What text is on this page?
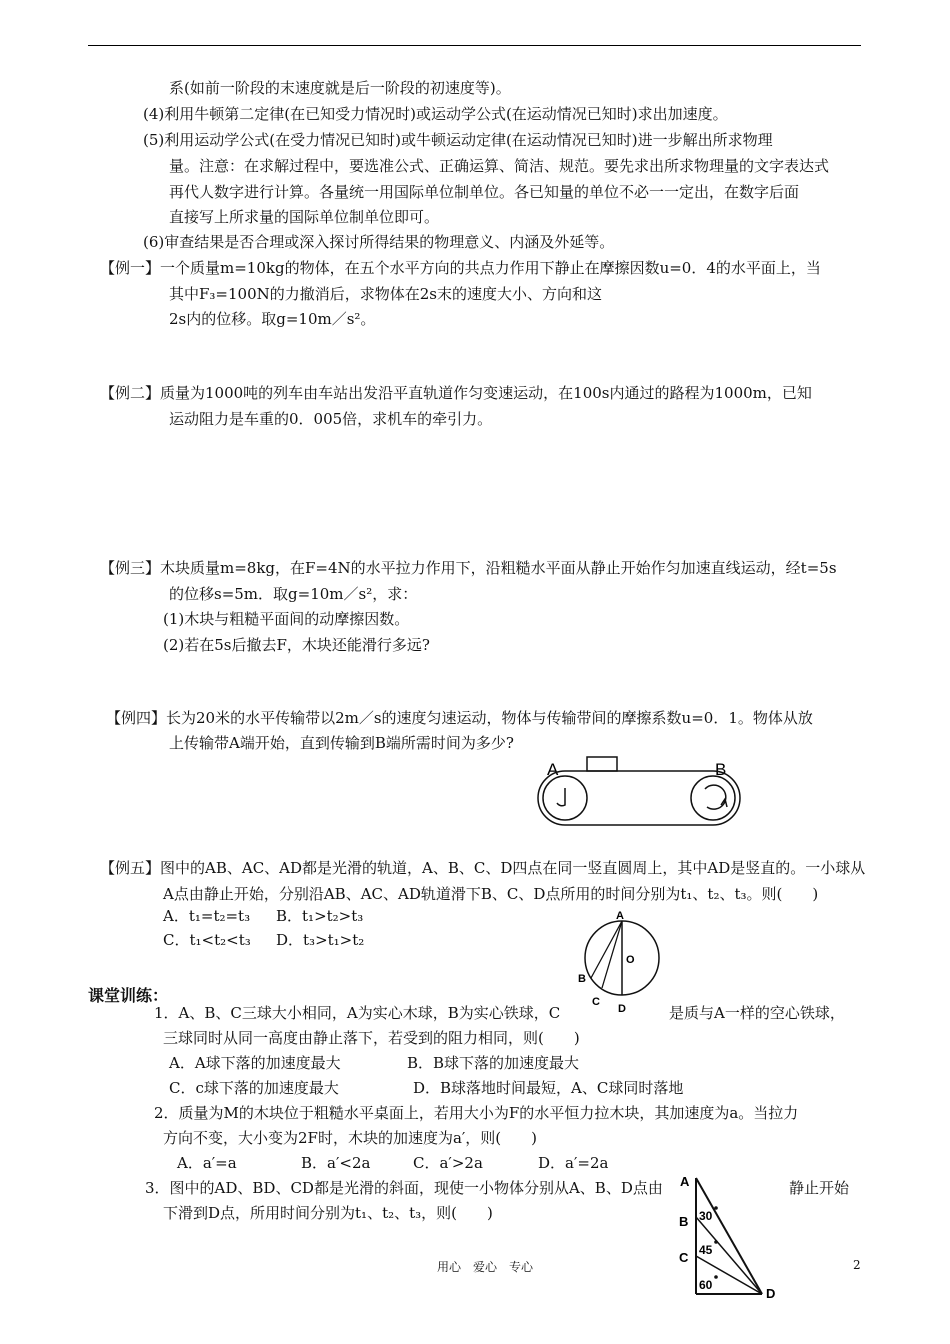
系(如前一阶段的末速度就是后一阶段的初速度等)。
(4)利用牛顿第二定律(在已知受力情况时)或运动学公式(在运动情况已知时)求出加速度。
(5)利用运动学公式(在受力情况已知时)或牛顿运动定律(在运动情况已知时)进一步解出所求物理
量。注意：在求解过程中，要选准公式、正确运算、简洁、规范。要先求出所求物理量的文字表达式
再代人数字进行计算。各量统一用国际单位制单位。各已知量的单位不必一一定出，在数字后面
直接写上所求量的国际单位制单位即可。
(6)审查结果是否合理或深入探讨所得结果的物理意义、内涵及外延等。
【例一】一个质量m=10kg的物体，在五个水平方向的共点力作用下静止在摩擦因数u=0．4的水平面上，当
其中F₃=100N的力撤消后，求物体在2s末的速度大小、方向和这
2s内的位移。取g=10m／s²。
【例二】质量为1000吨的列车由车站出发沿平直轨道作匀变速运动，在100s内通过的路程为1000m，已知
运动阻力是车重的0．005倍，求机车的牵引力。
【例三】木块质量m=8kg，在F=4N的水平拉力作用下，沿粗糙水平面从静止开始作匀加速直线运动，经t=5s
的位移s=5m．取g=10m／s²，求：
(1)木块与粗糙平面间的动摩擦因数。
(2)若在5s后撤去F，木块还能滑行多远?
【例四】长为20米的水平传输带以2m／s的速度匀速运动，物体与传输带间的摩擦系数u=0．1。物体从放
上传输带A端开始，直到传输到B端所需时间为多少?
A	B
【例五】图中的AB、AC、AD都是光滑的轨道，A、B、C、D四点在同一竖直圆周上，其中AD是竖直的。一小球从
A点由静止开始，分别沿AB、AC、AD轨道滑下B、C、D点所用的时间分别为t₁、t₂、t₃。则(　　)
A．t₁=t₂=t₃ B．t₁>t₂>t₃
C．t₁<t₂<t₃ D．t₃>t₁>t₂
A
B
C
D
O
课堂训练：
1．A、B、C三球大小相同，A为实心木球，B为实心铁球，C	是质与A一样的空心铁球，
三球同时从同一高度由静止落下，若受到的阻力相同，则(　　)
A．A球下落的加速度最大	B．B球下落的加速度最大
C．c球下落的加速度最大	D．B球落地时间最短，A、C球同时落地
2．质量为M的木块位于粗糙水平桌面上，若用大小为F的水平恒力拉木块，其加速度为a。当拉力
方向不变，大小变为2F时，木块的加速度为a′，则(　　)
A．a′=a	B．a′<2a	C．a′>2a	D．a′=2a
3．图中的AD、BD、CD都是光滑的斜面，现使一小物体分别从A、B、D点由	静止开始
下滑到D点，所用时间分别为t₁、t₂、t₃，则(　　)
A
B
C
D
30
45
60
用心　爱心　专心	2
